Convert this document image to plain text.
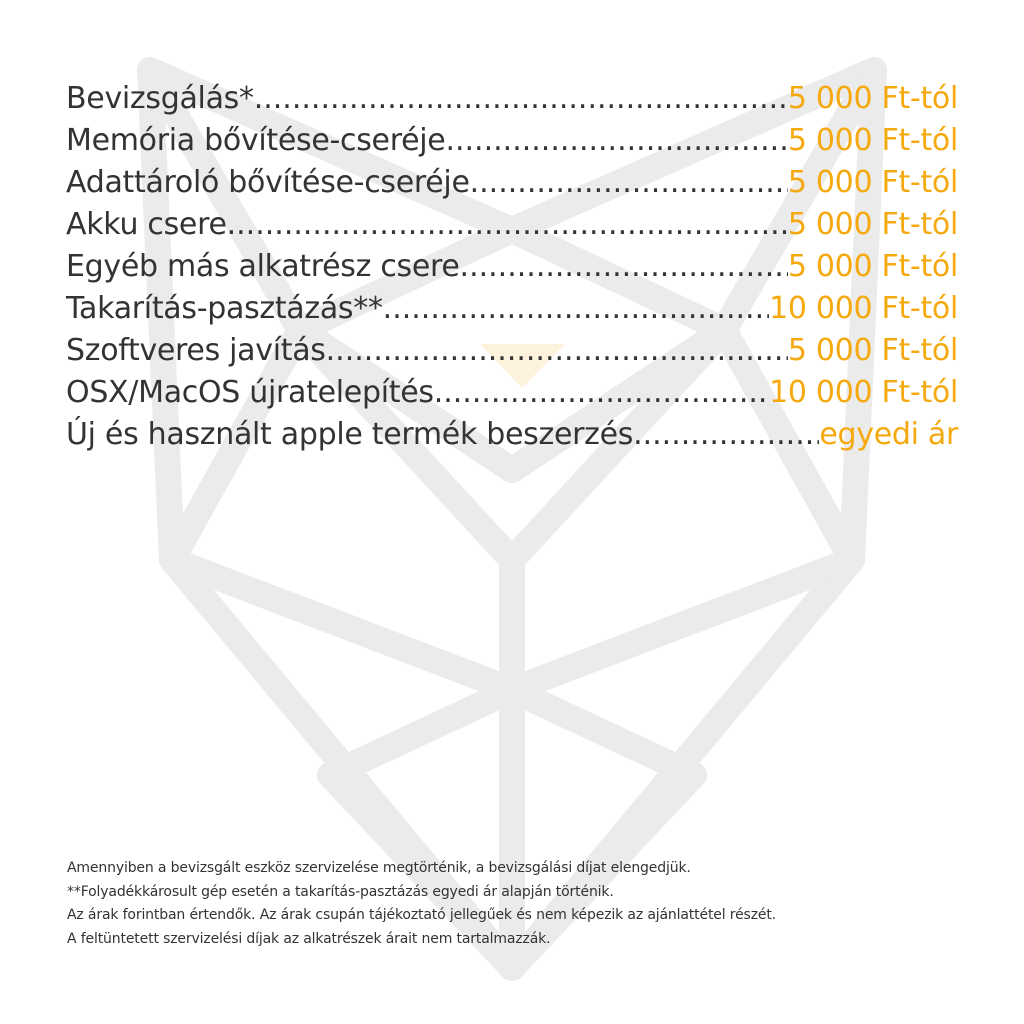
Bevizsgálás* .....	5 000 Ft-tól
Memória bővítése-cseréje .....	5 000 Ft-tól
Adattároló bővítése-cseréje .....	5 000 Ft-tól
Akku csere .....	5 000 Ft-tól
Egyéb más alkatrész csere .....	5 000 Ft-tól
Takarítás-pasztázás** .....	10 000 Ft-tól
Szoftveres javítás .....	5 000 Ft-tól
OSX/MacOS újratelepítés .....	10 000 Ft-tól
Új és használt apple termék beszerzés .....	egyedi ár
Amennyiben a bevizsgált eszköz szervizelése megtörténik, a bevizsgálási díjat elengedjük.
**Folyadékkárosult gép esetén a takarítás-pasztázás egyedi ár alapján történik.
Az árak forintban értendők. Az árak csupán tájékoztató jellegűek és nem képezik az ajánlattétel részét.
A feltüntetett szervizelési díjak az alkatrészek árait nem tartalmazzák.
